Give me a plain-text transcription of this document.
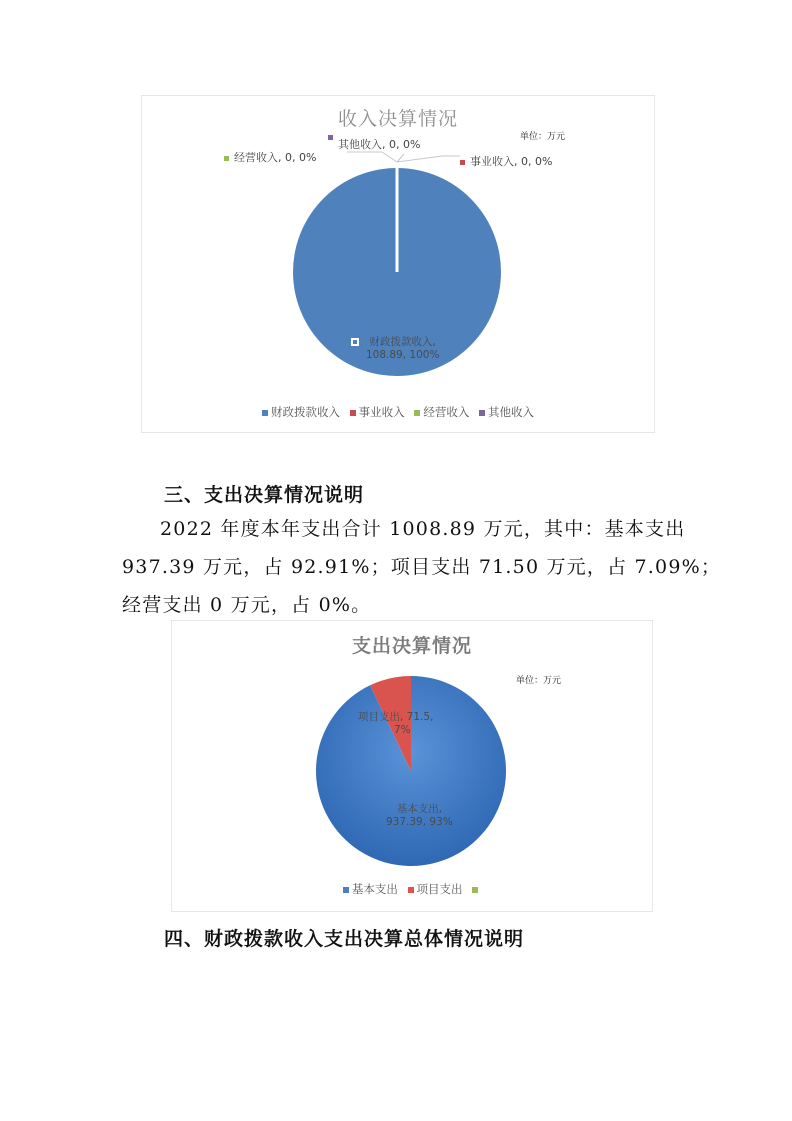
收入决算情况
单位：万元
其他收入, 0, 0%
经营收入, 0, 0%	事业收入, 0, 0%
财政拨款收入,
108.89, 100%
财政拨款收入 事业收入 经营收入 其他收入
三、支出决算情况说明
2022 年度本年支出合计 1008.89 万元，其中：基本支出
937.39 万元，占 92.91%；项目支出 71.50 万元，占 7.09%；
经营支出 0 万元，占 0%。
支出决算情况
单位：万元
项目支出, 71.5,
7%
基本支出,
937.39, 93%
基本支出 项目支出
四、财政拨款收入支出决算总体情况说明
